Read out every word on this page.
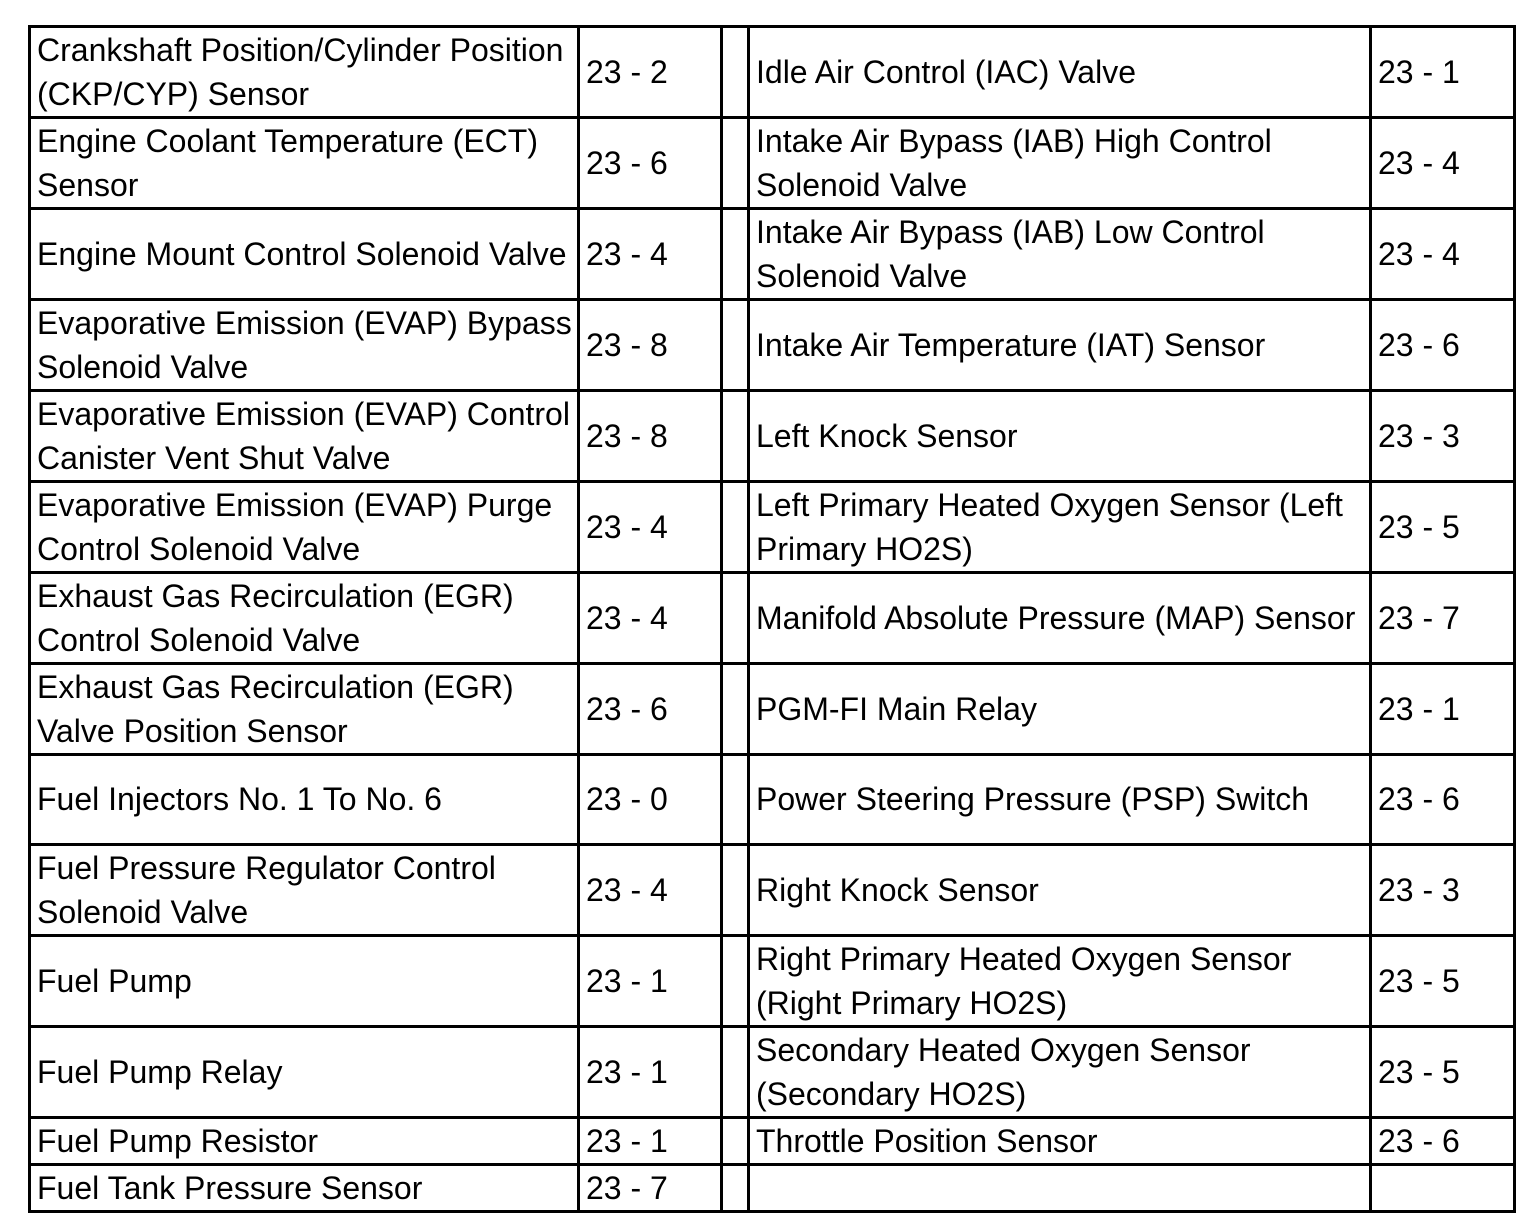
Crankshaft Position/Cylinder Position (CKP/CYP) Sensor	23 - 2		Idle Air Control (IAC) Valve	23 - 1
Engine Coolant Temperature (ECT) Sensor	23 - 6		Intake Air Bypass (IAB) High Control Solenoid Valve	23 - 4
Engine Mount Control Solenoid Valve	23 - 4		Intake Air Bypass (IAB) Low Control Solenoid Valve	23 - 4
Evaporative Emission (EVAP) Bypass Solenoid Valve	23 - 8		Intake Air Temperature (IAT) Sensor	23 - 6
Evaporative Emission (EVAP) Control Canister Vent Shut Valve	23 - 8		Left Knock Sensor	23 - 3
Evaporative Emission (EVAP) Purge Control Solenoid Valve	23 - 4		Left Primary Heated Oxygen Sensor (Left Primary HO2S)	23 - 5
Exhaust Gas Recirculation (EGR) Control Solenoid Valve	23 - 4		Manifold Absolute Pressure (MAP) Sensor	23 - 7
Exhaust Gas Recirculation (EGR) Valve Position Sensor	23 - 6		PGM-FI Main Relay	23 - 1
Fuel Injectors No. 1 To No. 6	23 - 0		Power Steering Pressure (PSP) Switch	23 - 6
Fuel Pressure Regulator Control Solenoid Valve	23 - 4		Right Knock Sensor	23 - 3
Fuel Pump	23 - 1		Right Primary Heated Oxygen Sensor (Right Primary HO2S)	23 - 5
Fuel Pump Relay	23 - 1		Secondary Heated Oxygen Sensor (Secondary HO2S)	23 - 5
Fuel Pump Resistor	23 - 1		Throttle Position Sensor	23 - 6
Fuel Tank Pressure Sensor	23 - 7			
